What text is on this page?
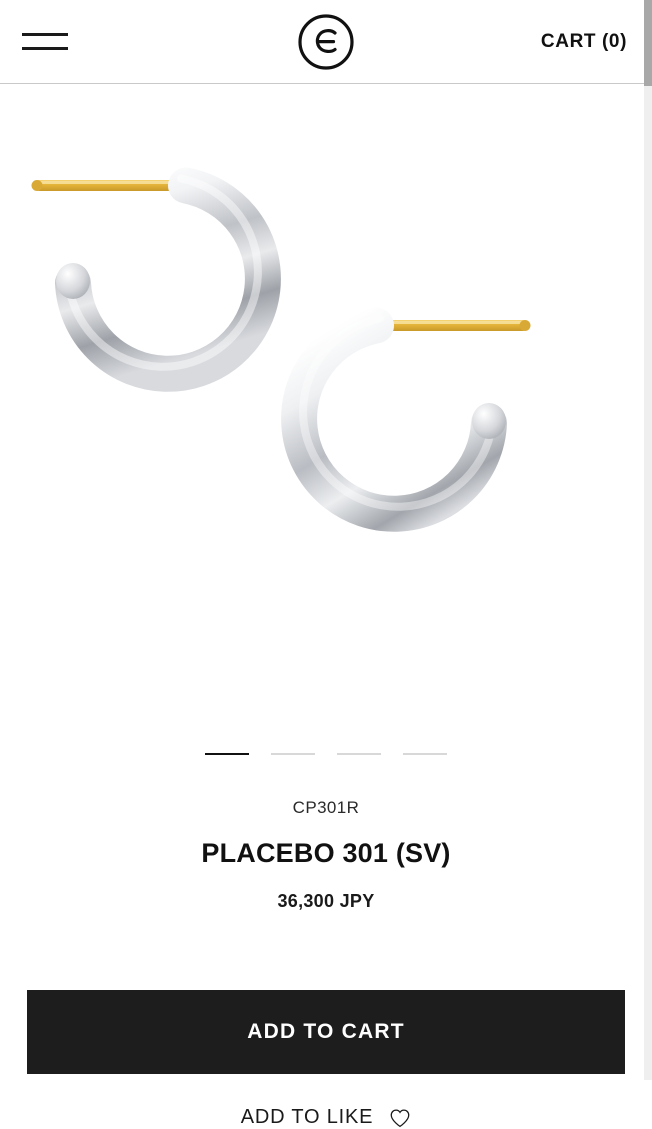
CART (0)
CP301R
PLACEBO 301 (SV)
36,300 JPY
ADD TO CART
ADD TO LIKE
